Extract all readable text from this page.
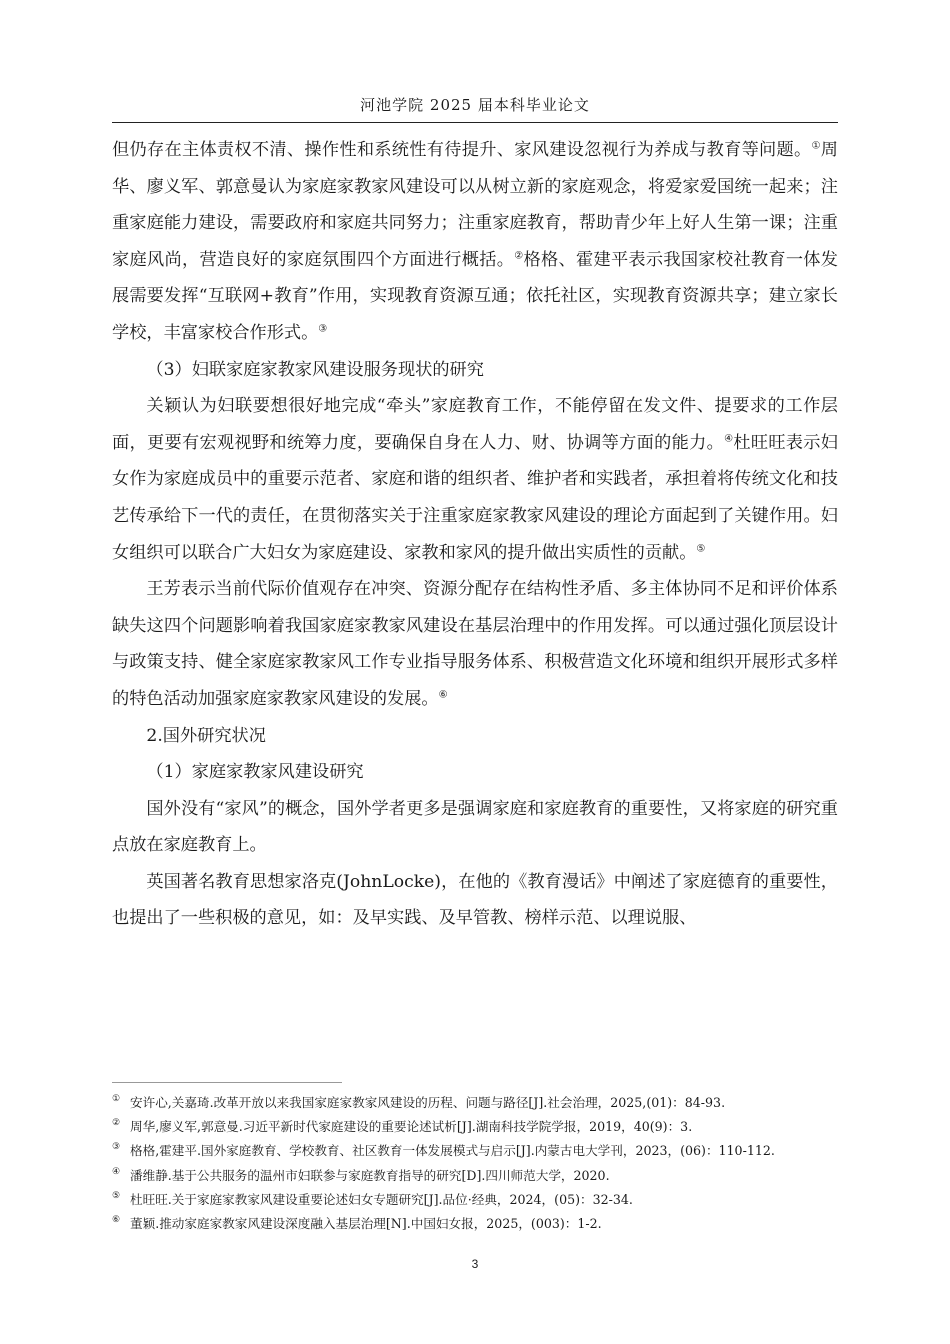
河池学院 2025 届本科毕业论文

但仍存在主体责权不清、操作性和系统性有待提升、家风建设忽视行为养成与教育等问题。①周华、廖义军、郭意曼认为家庭家教家风建设可以从树立新的家庭观念，将爱家爱国统一起来；注重家庭能力建设，需要政府和家庭共同努力；注重家庭教育，帮助青少年上好人生第一课；注重家庭风尚，营造良好的家庭氛围四个方面进行概括。②格格、霍建平表示我国家校社教育一体发展需要发挥“互联网+教育”作用，实现教育资源互通；依托社区，实现教育资源共享；建立家长学校，丰富家校合作形式。③

（3）妇联家庭家教家风建设服务现状的研究

关颖认为妇联要想很好地完成“牵头”家庭教育工作，不能停留在发文件、提要求的工作层面，更要有宏观视野和统筹力度，要确保自身在人力、财、协调等方面的能力。④杜旺旺表示妇女作为家庭成员中的重要示范者、家庭和谐的组织者、维护者和实践者，承担着将传统文化和技艺传承给下一代的责任，在贯彻落实关于注重家庭家教家风建设的理论方面起到了关键作用。妇女组织可以联合广大妇女为家庭建设、家教和家风的提升做出实质性的贡献。⑤

王芳表示当前代际价值观存在冲突、资源分配存在结构性矛盾、多主体协同不足和评价体系缺失这四个问题影响着我国家庭家教家风建设在基层治理中的作用发挥。可以通过强化顶层设计与政策支持、健全家庭家教家风工作专业指导服务体系、积极营造文化环境和组织开展形式多样的特色活动加强家庭家教家风建设的发展。⑥

2.国外研究状况

（1）家庭家教家风建设研究

国外没有“家风”的概念，国外学者更多是强调家庭和家庭教育的重要性，又将家庭的研究重点放在家庭教育上。

英国著名教育思想家洛克(JohnLocke)，在他的《教育漫话》中阐述了家庭德育的重要性，也提出了一些积极的意见，如：及早实践、及早管教、榜样示范、以理说服、

① 安许心,关嘉琦.改革开放以来我国家庭家教家风建设的历程、问题与路径[J].社会治理，2025,(01)：84-93.

② 周华,廖义军,郭意曼.习近平新时代家庭建设的重要论述试析[J].湖南科技学院学报，2019，40(9)：3.

③ 格格,霍建平.国外家庭教育、学校教育、社区教育一体发展模式与启示[J].内蒙古电大学刊，2023，(06)：110-112.

④ 潘维静.基于公共服务的温州市妇联参与家庭教育指导的研究[D].四川师范大学，2020.

⑤ 杜旺旺.关于家庭家教家风建设重要论述妇女专题研究[J].品位·经典，2024，(05)：32-34.

⑥ 董颖.推动家庭家教家风建设深度融入基层治理[N].中国妇女报，2025，(003)：1-2.

3
